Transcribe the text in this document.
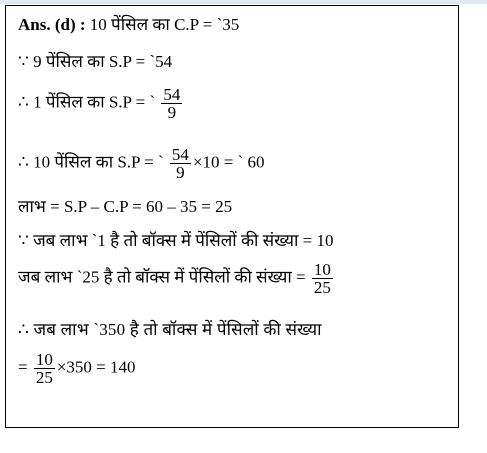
Ans. (d) : 10 पेंसिल का C.P = `35
∵ 9 पेंसिल का S.P = `54
∴ 1 पेंसिल का S.P = ` $\frac{54}{9}$
∴ 10 पेंसिल का S.P = ` $\frac{54}{9} \times 10$ = ` 60
लाभ = S.P – C.P = 60 – 35 = 25
∵ जब लाभ `1 है तो बॉक्स में पेंसिलों की संख्या = 10
जब लाभ `25 है तो बॉक्स में पेंसिलों की संख्या = $\frac{10}{25}$
∴ जब लाभ `350 है तो बॉक्स में पेंसिलों की संख्या
= $\frac{10}{25} \times 350 = 140$
